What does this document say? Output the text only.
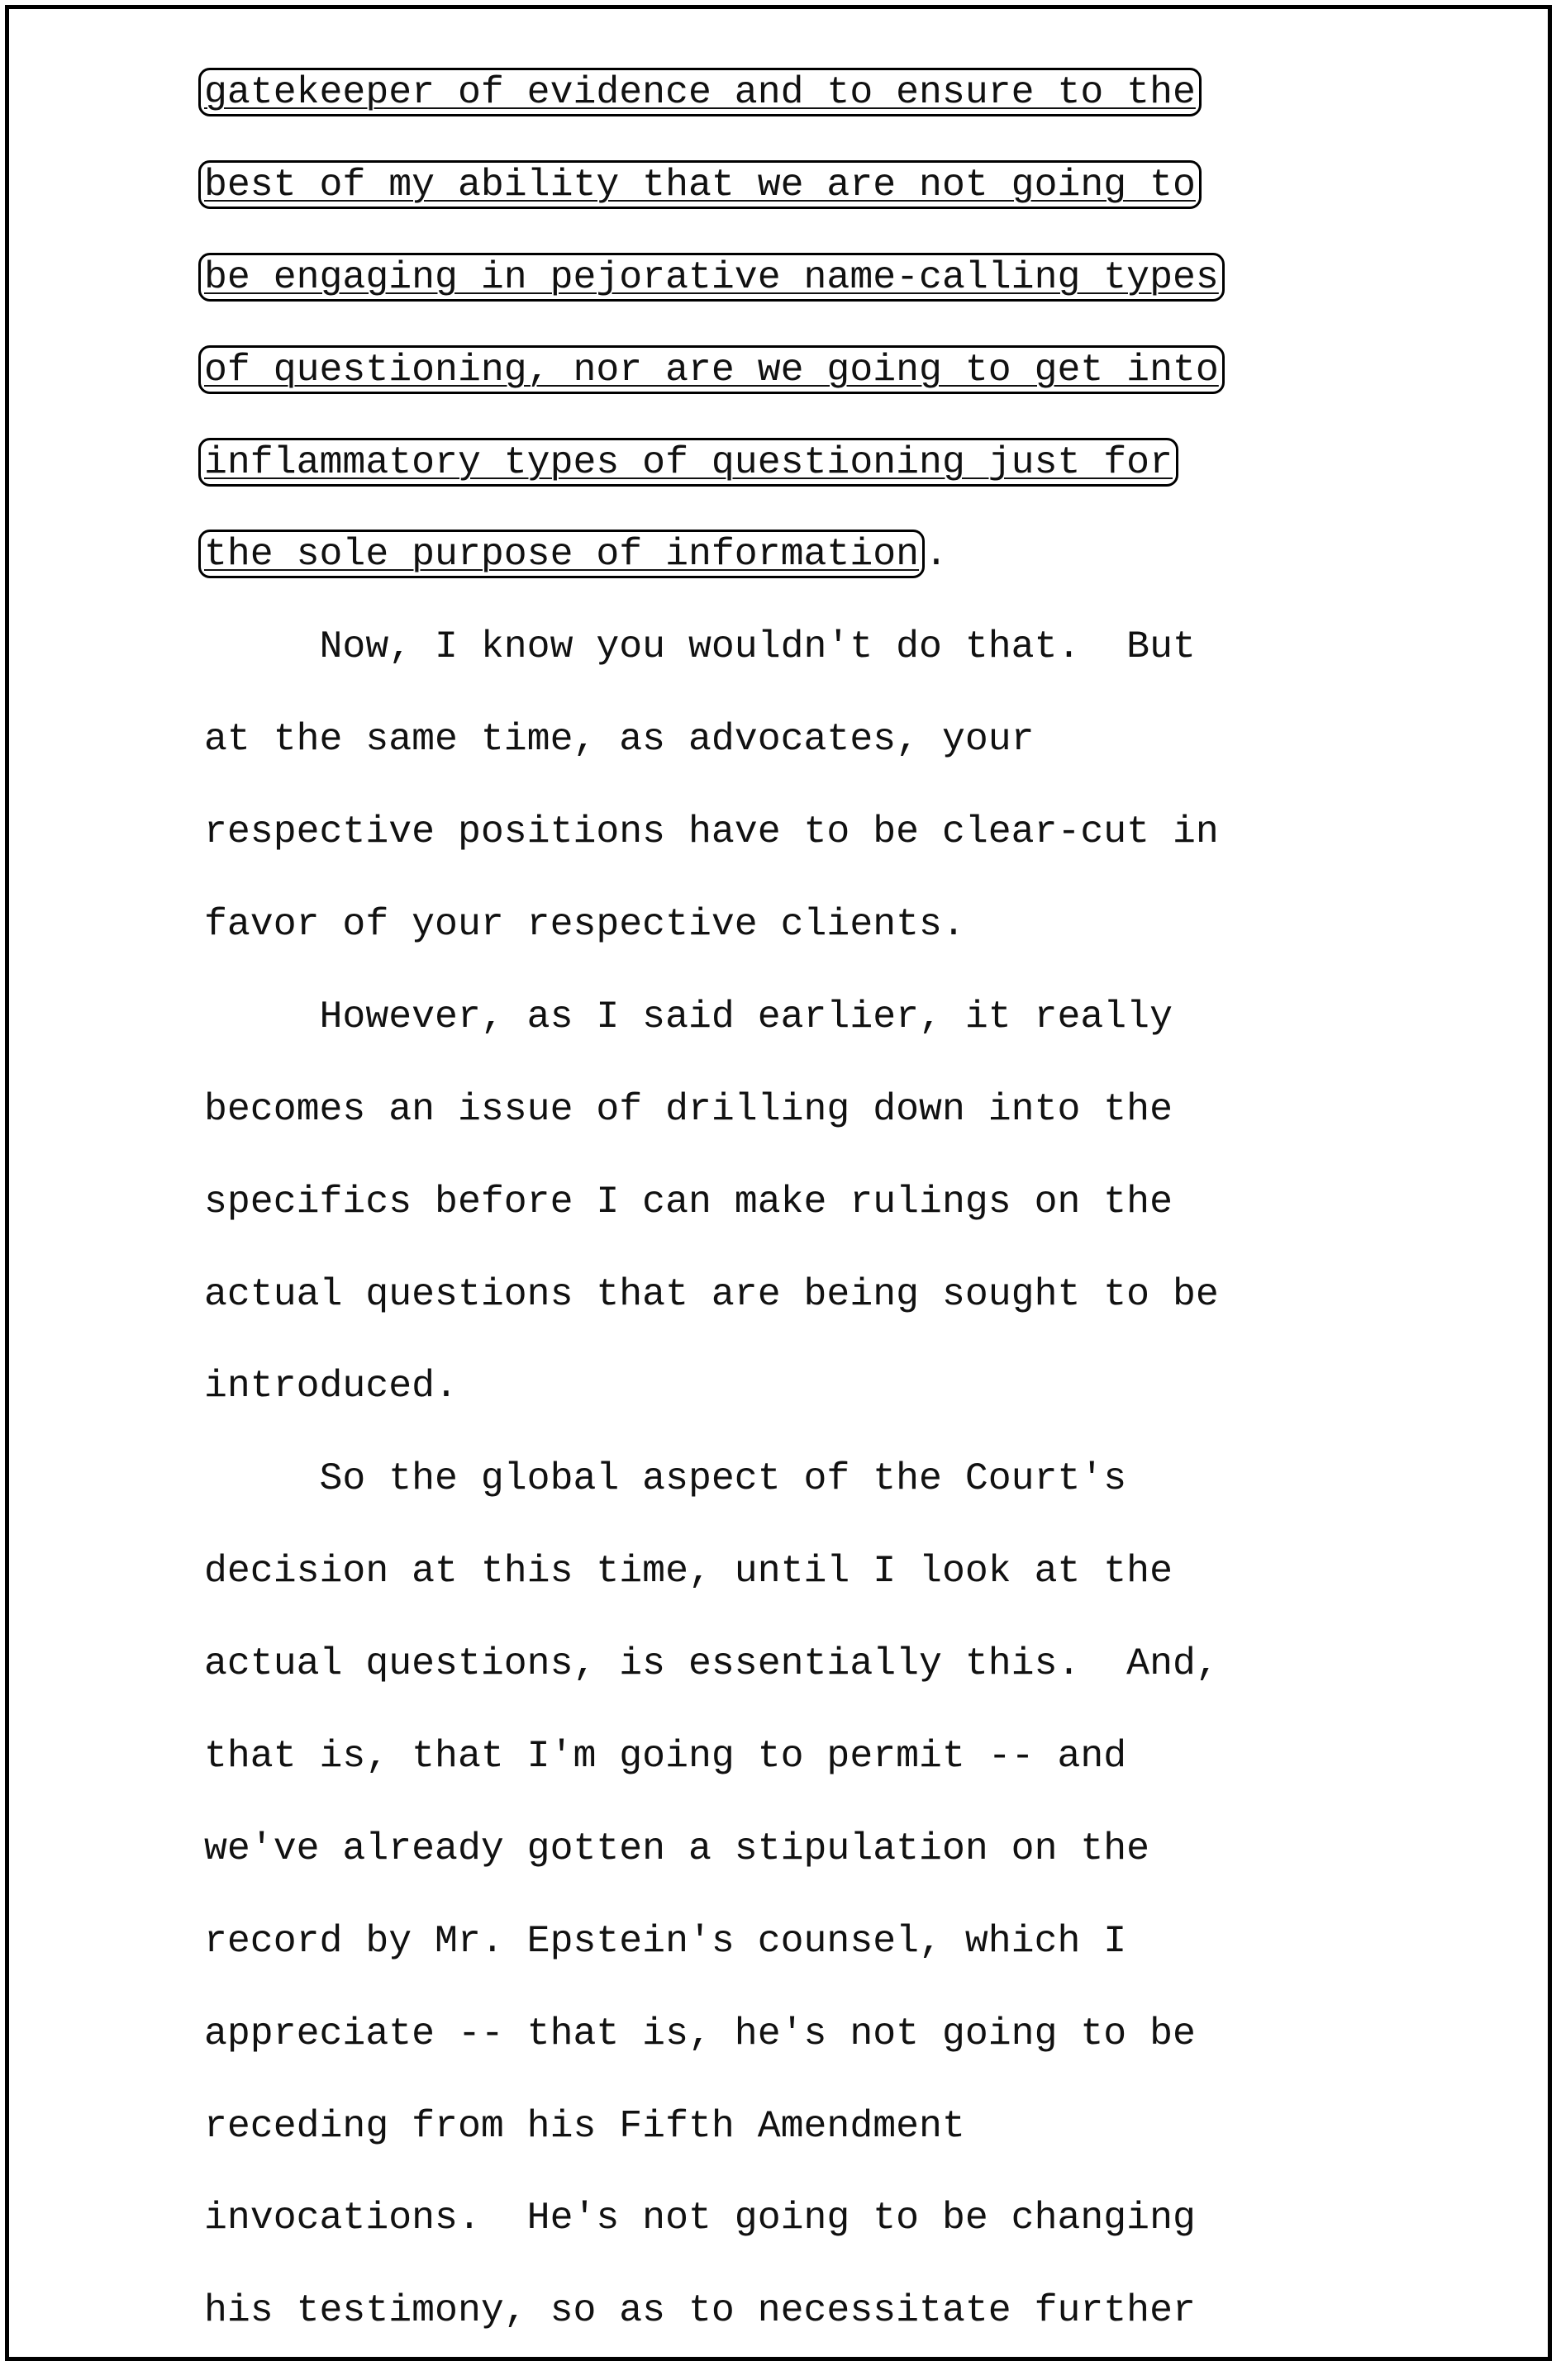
gatekeeper of evidence and to ensure to the
best of my ability that we are not going to
be engaging in pejorative name-calling types
of questioning, nor are we going to get into
inflammatory types of questioning just for
the sole purpose of information .
Now, I know you wouldn't do that.  But
at the same time, as advocates, your
respective positions have to be clear-cut in
favor of your respective clients.
However, as I said earlier, it really
becomes an issue of drilling down into the
specifics before I can make rulings on the
actual questions that are being sought to be
introduced.
So the global aspect of the Court's
decision at this time, until I look at the
actual questions, is essentially this.  And,
that is, that I'm going to permit -- and
we've already gotten a stipulation on the
record by Mr. Epstein's counsel, which I
appreciate -- that is, he's not going to be
receding from his Fifth Amendment
invocations.  He's not going to be changing
his testimony, so as to necessitate further
